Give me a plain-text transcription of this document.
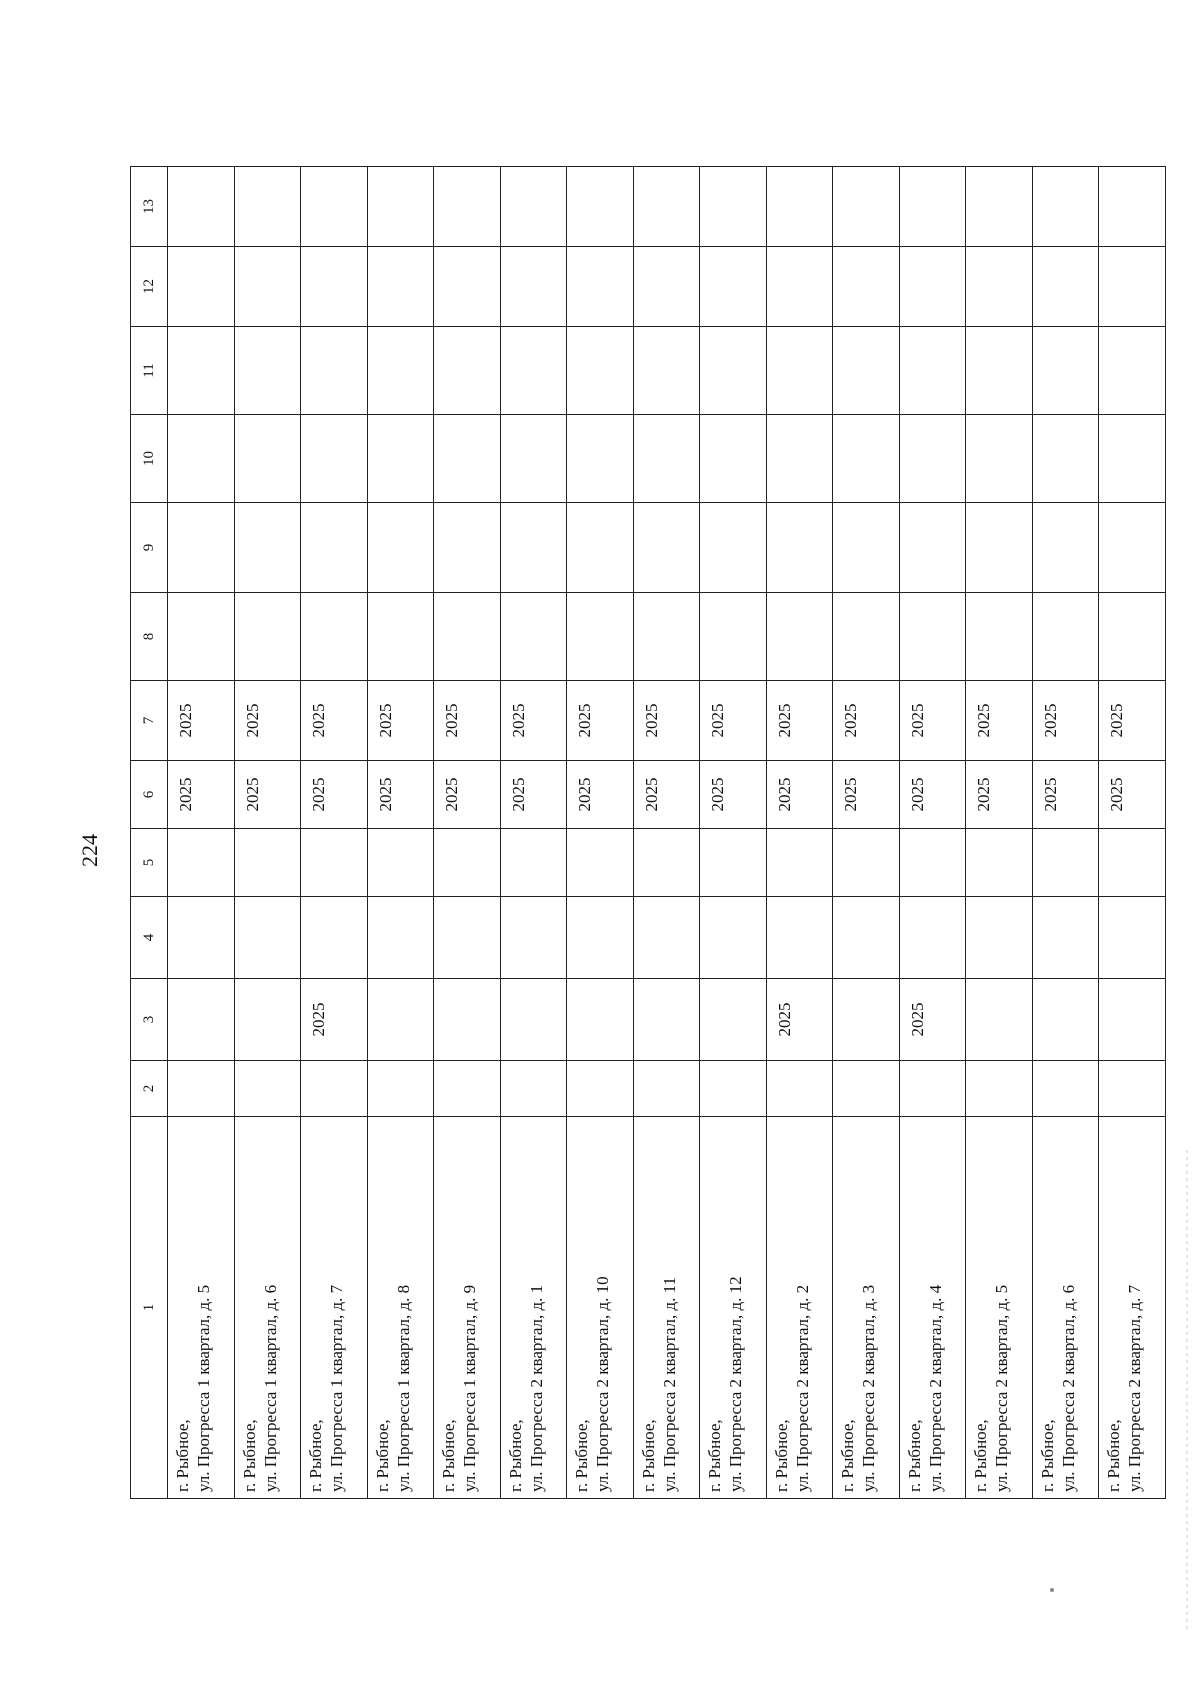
224
1	2	3	4	5	6	7	8	9	10	11	12	13

г. Рыбное, ул. Прогресса 1 квартал, д. 5					2025	2025						

г. Рыбное, ул. Прогресса 1 квартал, д. 6					2025	2025						

г. Рыбное, ул. Прогресса 1 квартал, д. 7		2025			2025	2025						

г. Рыбное, ул. Прогресса 1 квартал, д. 8					2025	2025						

г. Рыбное, ул. Прогресса 1 квартал, д. 9					2025	2025						

г. Рыбное, ул. Прогресса 2 квартал, д. 1					2025	2025						

г. Рыбное, ул. Прогресса 2 квартал, д. 10					2025	2025						

г. Рыбное, ул. Прогресса 2 квартал, д. 11					2025	2025						

г. Рыбное, ул. Прогресса 2 квартал, д. 12					2025	2025						

г. Рыбное, ул. Прогресса 2 квартал, д. 2		2025			2025	2025						

г. Рыбное, ул. Прогресса 2 квартал, д. 3					2025	2025						

г. Рыбное, ул. Прогресса 2 квартал, д. 4		2025			2025	2025						

г. Рыбное, ул. Прогресса 2 квартал, д. 5					2025	2025						

г. Рыбное, ул. Прогресса 2 квартал, д. 6					2025	2025						

г. Рыбное, ул. Прогресса 2 квартал, д. 7					2025	2025						
